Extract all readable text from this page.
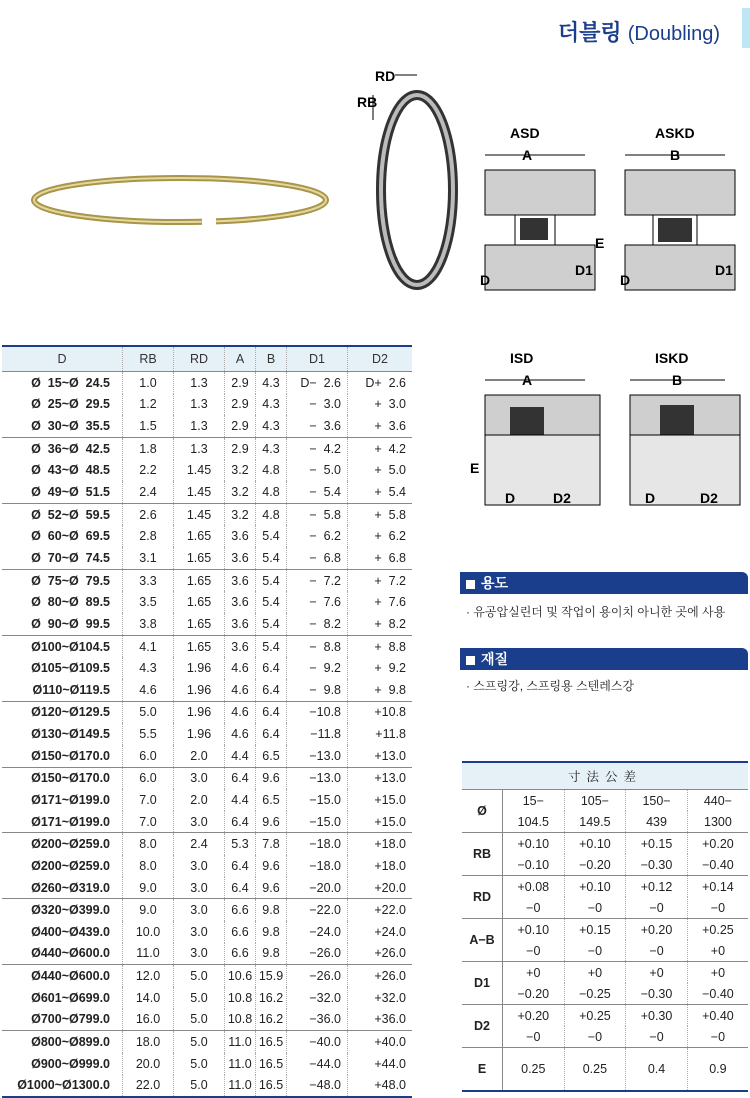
더블링 (Doubling)
RD
RB
ASD
A
E
D
D1
ASKD
B
D
D1
ISD
A
E
D	D2
ISKD
B
D	D2
D	RB	RD	A	B	D1	D2
Ø  15~Ø  24.5	1.0	1.3	2.9	4.3	D−  2.6	D+  2.6
Ø  25~Ø  29.5	1.2	1.3	2.9	4.3	−  3.0	+  3.0
Ø  30~Ø  35.5	1.5	1.3	2.9	4.3	−  3.6	+  3.6
Ø  36~Ø  42.5	1.8	1.3	2.9	4.3	−  4.2	+  4.2
Ø  43~Ø  48.5	2.2	1.45	3.2	4.8	−  5.0	+  5.0
Ø  49~Ø  51.5	2.4	1.45	3.2	4.8	−  5.4	+  5.4
Ø  52~Ø  59.5	2.6	1.45	3.2	4.8	−  5.8	+  5.8
Ø  60~Ø  69.5	2.8	1.65	3.6	5.4	−  6.2	+  6.2
Ø  70~Ø  74.5	3.1	1.65	3.6	5.4	−  6.8	+  6.8
Ø  75~Ø  79.5	3.3	1.65	3.6	5.4	−  7.2	+  7.2
Ø  80~Ø  89.5	3.5	1.65	3.6	5.4	−  7.6	+  7.6
Ø  90~Ø  99.5	3.8	1.65	3.6	5.4	−  8.2	+  8.2
Ø100~Ø104.5	4.1	1.65	3.6	5.4	−  8.8	+  8.8
Ø105~Ø109.5	4.3	1.96	4.6	6.4	−  9.2	+  9.2
Ø110~Ø119.5	4.6	1.96	4.6	6.4	−  9.8	+  9.8
Ø120~Ø129.5	5.0	1.96	4.6	6.4	−10.8	+10.8
Ø130~Ø149.5	5.5	1.96	4.6	6.4	−11.8	+11.8
Ø150~Ø170.0	6.0	2.0	4.4	6.5	−13.0	+13.0
Ø150~Ø170.0	6.0	3.0	6.4	9.6	−13.0	+13.0
Ø171~Ø199.0	7.0	2.0	4.4	6.5	−15.0	+15.0
Ø171~Ø199.0	7.0	3.0	6.4	9.6	−15.0	+15.0
Ø200~Ø259.0	8.0	2.4	5.3	7.8	−18.0	+18.0
Ø200~Ø259.0	8.0	3.0	6.4	9.6	−18.0	+18.0
Ø260~Ø319.0	9.0	3.0	6.4	9.6	−20.0	+20.0
Ø320~Ø399.0	9.0	3.0	6.6	9.8	−22.0	+22.0
Ø400~Ø439.0	10.0	3.0	6.6	9.8	−24.0	+24.0
Ø440~Ø600.0	11.0	3.0	6.6	9.8	−26.0	+26.0
Ø440~Ø600.0	12.0	5.0	10.6	15.9	−26.0	+26.0
Ø601~Ø699.0	14.0	5.0	10.8	16.2	−32.0	+32.0
Ø700~Ø799.0	16.0	5.0	10.8	16.2	−36.0	+36.0
Ø800~Ø899.0	18.0	5.0	11.0	16.5	−40.0	+40.0
Ø900~Ø999.0	20.0	5.0	11.0	16.5	−44.0	+44.0
Ø1000~Ø1300.0	22.0	5.0	11.0	16.5	−48.0	+48.0
용도
· 유공압실린더 및 작업이 용이치 아니한 곳에 사용
재질
· 스프링강, 스프링용 스텐레스강
寸法公差				
Ø	15−	105−	150−	440−
	104.5	149.5	439	1300
RB	+0.10	+0.10	+0.15	+0.20
	−0.10	−0.20	−0.30	−0.40
RD	+0.08	+0.10	+0.12	+0.14
	−0	−0	−0	−0
A−B	+0.10	+0.15	+0.20	+0.25
	−0	−0	−0	+0
D1	+0	+0	+0	+0
	−0.20	−0.25	−0.30	−0.40
D2	+0.20	+0.25	+0.30	+0.40
	−0	−0	−0	−0
E	0.25	0.25	0.4	0.9
